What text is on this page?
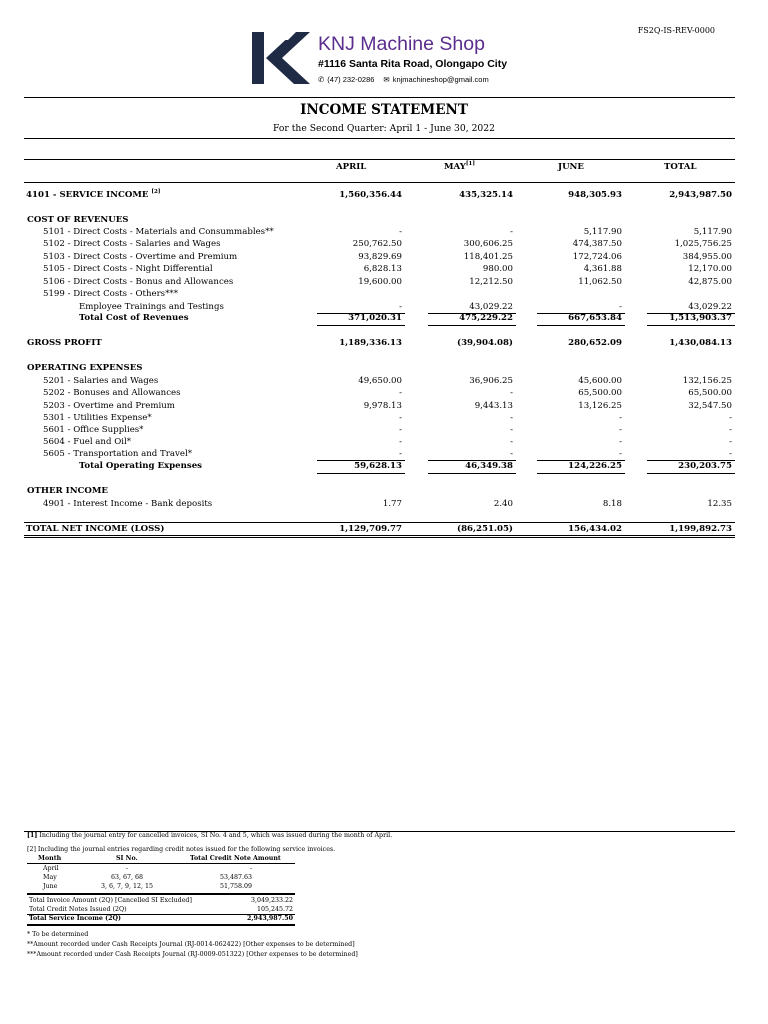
FS2Q-IS-REV-0000
KNJ Machine Shop
#1116 Santa Rita Road, Olongapo City
✆ (47) 232-0286 ✉ knjmachineshop@gmail.com
INCOME STATEMENT
For the Second Quarter: April 1 - June 30, 2022
APRIL	MAY[1]	JUNE	TOTAL
4101 - SERVICE INCOME [2]	1,560,356.44	435,325.14	948,305.93	2,943,987.50
COST OF REVENUES
5101 - Direct Costs - Materials and Consummables**	-	-	5,117.90	5,117.90
5102 - Direct Costs - Salaries and Wages	250,762.50	300,606.25	474,387.50	1,025,756.25
5103 - Direct Costs - Overtime and Premium	93,829.69	118,401.25	172,724.06	384,955.00
5105 - Direct Costs - Night Differential	6,828.13	980.00	4,361.88	12,170.00
5106 - Direct Costs - Bonus and Allowances	19,600.00	12,212.50	11,062.50	42,875.00
5199 - Direct Costs - Others***
Employee Trainings and Testings	-	43,029.22	-	43,029.22
Total Cost of Revenues	371,020.31	475,229.22	667,653.84	1,513,903.37
GROSS PROFIT	1,189,336.13	(39,904.08)	280,652.09	1,430,084.13
OPERATING EXPENSES
5201 - Salaries and Wages	49,650.00	36,906.25	45,600.00	132,156.25
5202 - Bonuses and Allowances	-	-	65,500.00	65,500.00
5203 - Overtime and Premium	9,978.13	9,443.13	13,126.25	32,547.50
5301 - Utilities Expense*	-	-	-	-
5601 - Office Supplies*	-	-	-	-
5604 - Fuel and Oil*	-	-	-	-
5605 - Transportation and Travel*	-	-	-	-
Total Operating Expenses	59,628.13	46,349.38	124,226.25	230,203.75
OTHER INCOME
4901 - Interest Income - Bank deposits	1.77	2.40	8.18	12.35
TOTAL NET INCOME (LOSS)	1,129,709.77	(86,251.05)	156,434.02	1,199,892.73
[1] Including the journal entry for cancelled invoices, SI No. 4 and 5, which was issued during the month of April.
[2] Including the journal entries regarding credit notes issued for the following service invoices.
Month	SI No.	Total Credit Note Amount
April	-	-
May	63, 67, 68	53,487.63
June	3, 6, 7, 9, 12, 15	51,758.09
Total Invoice Amount (2Q) [Cancelled SI Excluded]	3,049,233.22
Total Credit Notes Issued (2Q)	105,245.72
Total Service Income (2Q)	2,943,987.50
* To be determined
**Amount recorded under Cash Receipts Journal (RJ-0014-062422) [Other expenses to be determined]
***Amount recorded under Cash Receipts Journal (RJ-0009-051322) [Other expenses to be determined]
